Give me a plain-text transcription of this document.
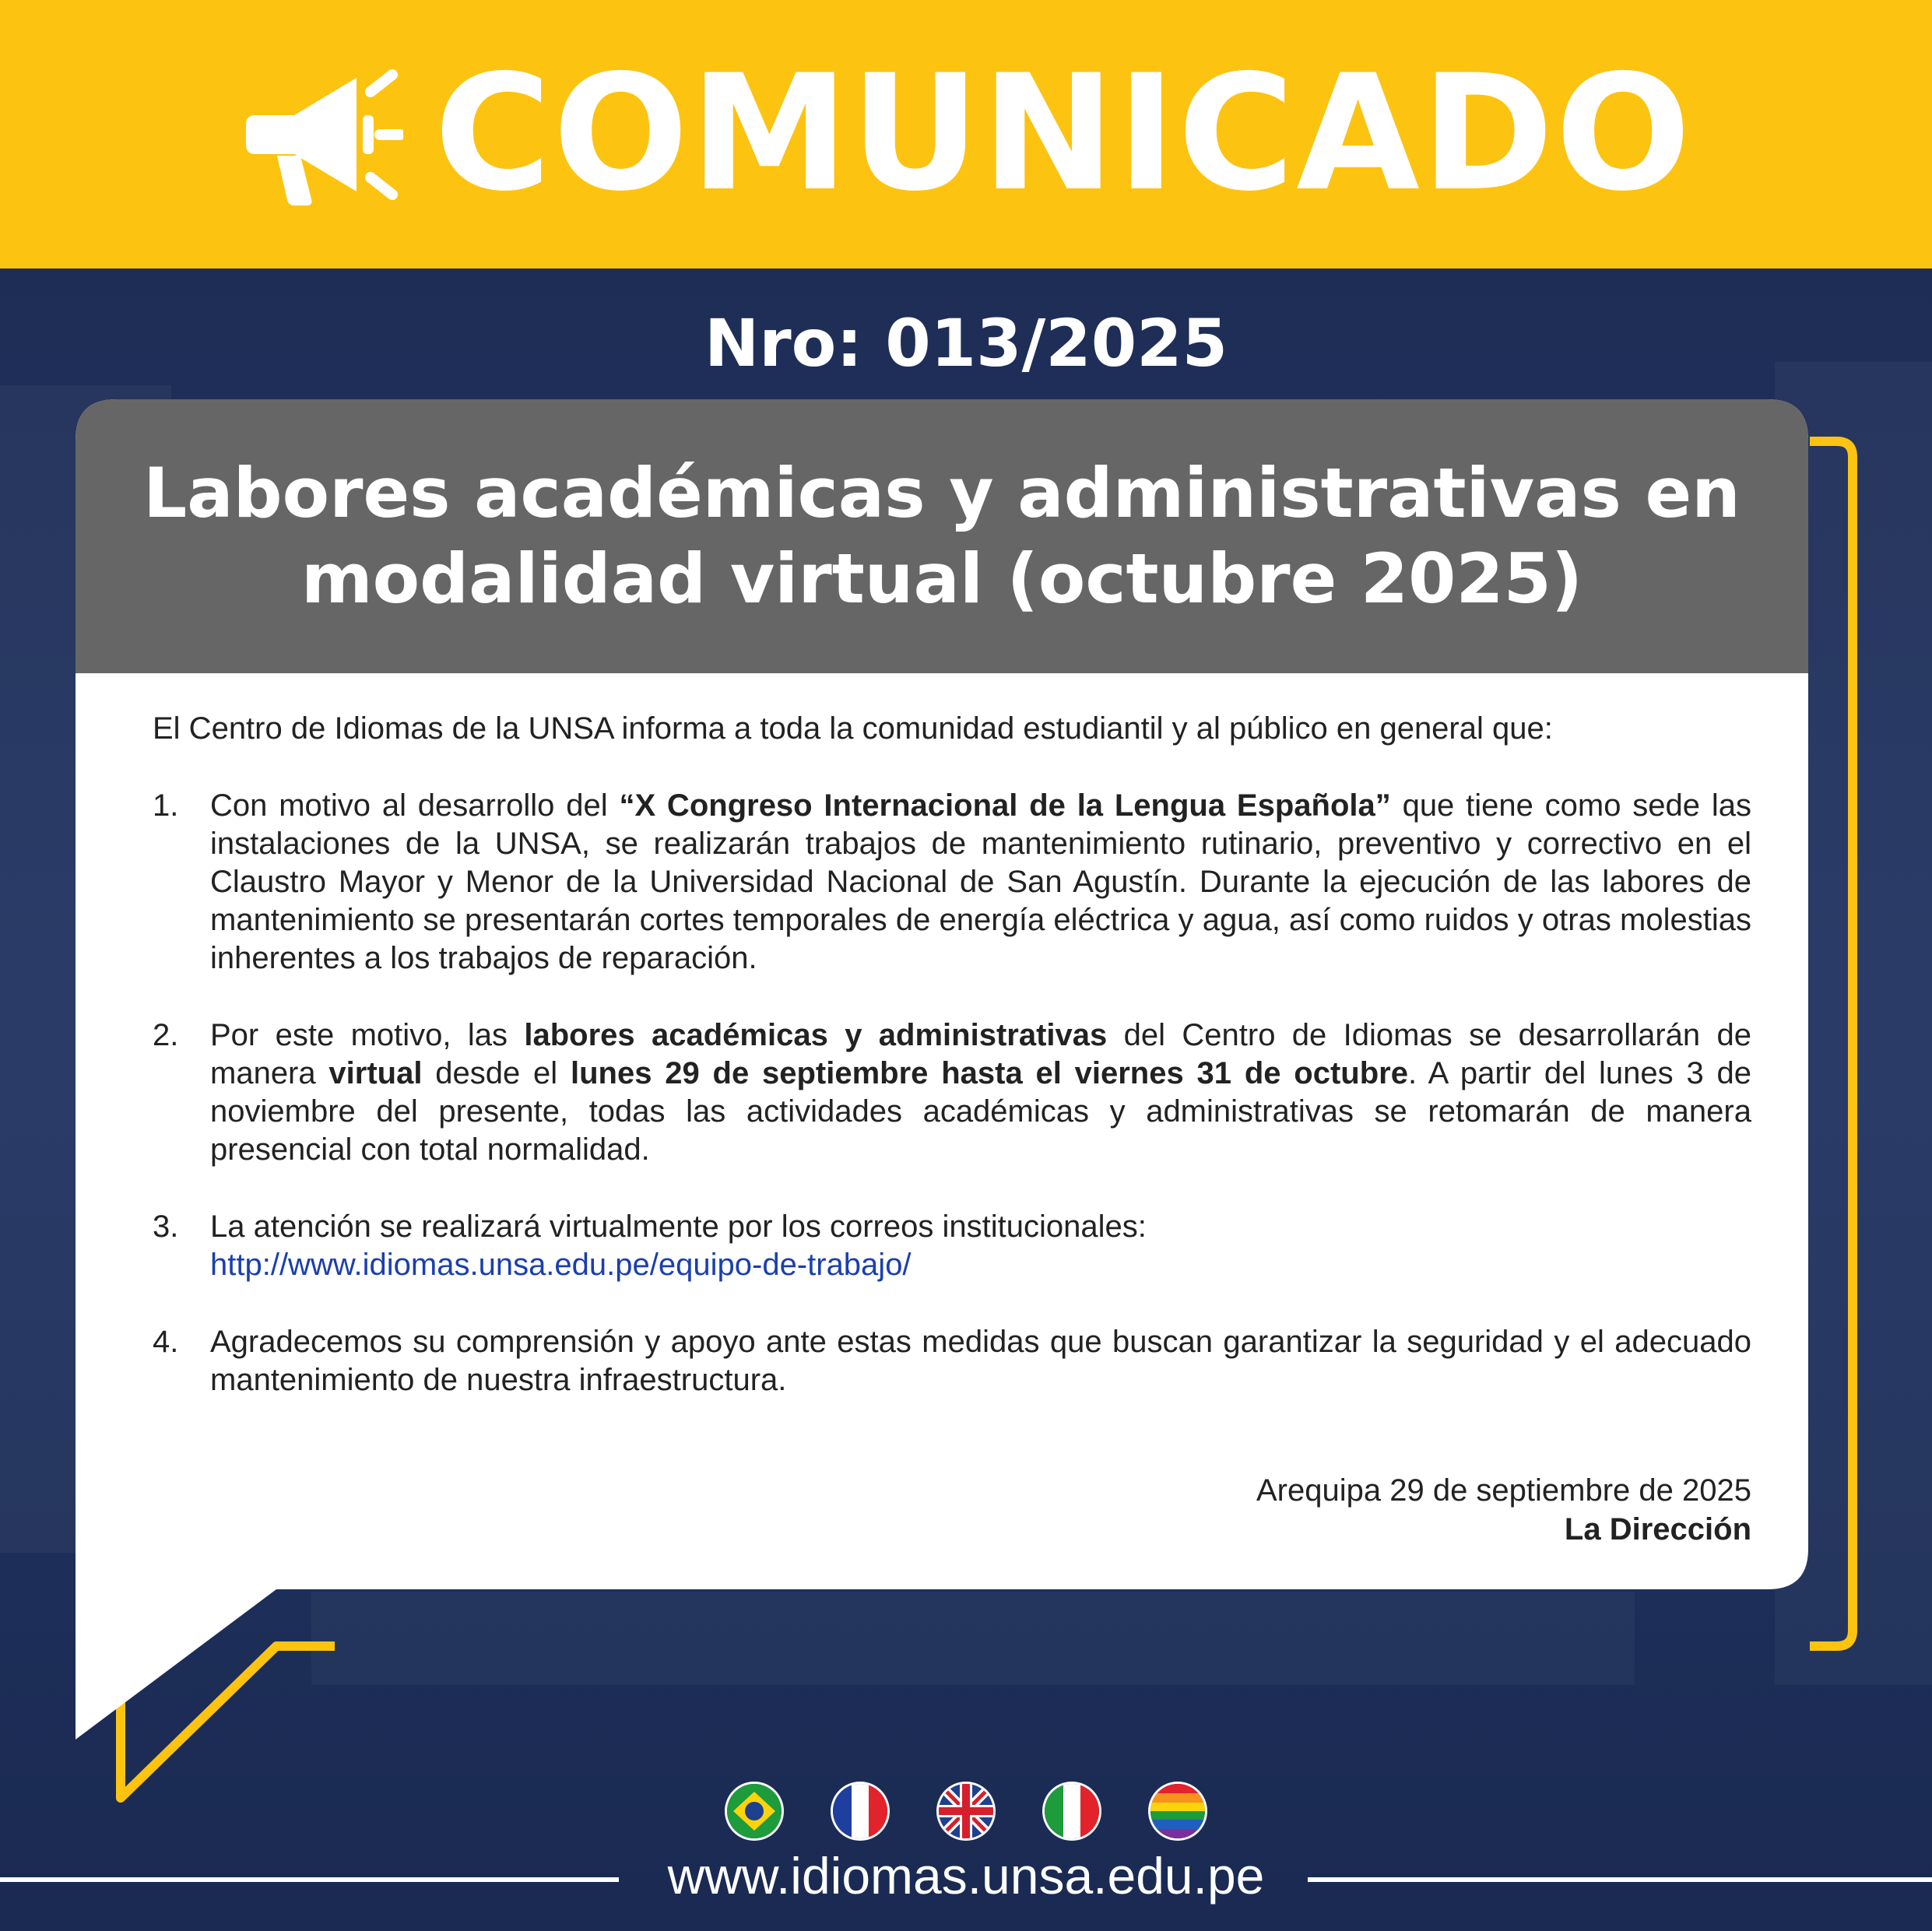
COMUNICADO
Nro: 013/2025
Labores académicas y administrativas en
modalidad virtual (octubre 2025)

El Centro de Idiomas de la UNSA informa a toda la comunidad estudiantil y al público en general que:

1. Con motivo al desarrollo del “X Congreso Internacional de la Lengua Española” que tiene como sede las instalaciones de la UNSA, se realizarán trabajos de mantenimiento rutinario, preventivo y correctivo en el Claustro Mayor y Menor de la Universidad Nacional de San Agustín. Durante la ejecución de las labores de mantenimiento se presentarán cortes temporales de energía eléctrica y agua, así como ruidos y otras molestias inherentes a los trabajos de reparación.
2. Por este motivo, las labores académicas y administrativas del Centro de Idiomas se desarrollarán de manera virtual desde el lunes 29 de septiembre hasta el viernes 31 de octubre. A partir del lunes 3 de noviembre del presente, todas las actividades académicas y administrativas se retomarán de manera presencial con total normalidad.
3. La atención se realizará virtualmente por los correos institucionales:
http://www.idiomas.unsa.edu.pe/equipo-de-trabajo/
4. Agradecemos su comprensión y apoyo ante estas medidas que buscan garantizar la seguridad y el adecuado mantenimiento de nuestra infraestructura.
Arequipa 29 de septiembre de 2025
La Dirección
www.idiomas.unsa.edu.pe
